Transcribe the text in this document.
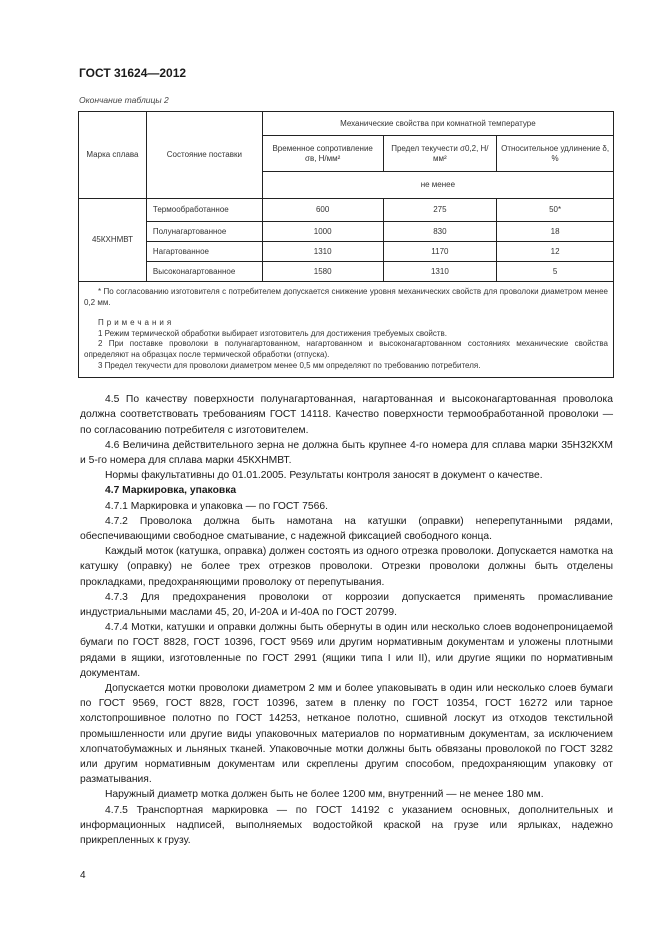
ГОСТ 31624—2012
Окончание таблицы 2
Марка сплава	Состояние поставки	Механические свойства при комнатной температуре		
		Временное сопротивление σв, Н/мм²	Предел текучести σ0,2, Н/мм²	Относительное удлинение δ, %
		не менее		
45КХНМВТ	Термообработанное	600	275	50*
	Полунагартованное	1000	830	18
	Нагартованное	1310	1170	12
	Высоконагартованное	1580	1310	5

* По согласованию изготовителя с потребителем допускается снижение уровня механических свойств для проволоки диаметром менее 0,2 мм.

Примечания

1 Режим термической обработки выбирает изготовитель для достижения требуемых свойств.

2 При поставке проволоки в полунагартованном, нагартованном и высоконагартованном состояниях механические свойства определяют на образцах после термической обработки (отпуска).

3 Предел текучести для проволоки диаметром менее 0,5 мм определяют по требованию потребителя.				

4.5 По качеству поверхности полунагартованная, нагартованная и высоконагартованная проволока должна соответствовать требованиям ГОСТ 14118. Качество поверхности термообработанной проволоки — по согласованию потребителя с изготовителем.

4.6 Величина действительного зерна не должна быть крупнее 4-го номера для сплава марки 35Н32КХМ и 5-го номера для сплава марки 45КХНМВТ.

Нормы факультативны до 01.01.2005. Результаты контроля заносят в документ о качестве.

4.7 Маркировка, упаковка

4.7.1 Маркировка и упаковка — по ГОСТ 7566.

4.7.2 Проволока должна быть намотана на катушки (оправки) неперепутанными рядами, обеспечивающими свободное сматывание, с надежной фиксацией свободного конца.

Каждый моток (катушка, оправка) должен состоять из одного отрезка проволоки. Допускается намотка на катушку (оправку) не более трех отрезков проволоки. Отрезки проволоки должны быть отделены прокладками, предохраняющими проволоку от перепутывания.

4.7.3 Для предохранения проволоки от коррозии допускается применять промасливание индустриальными маслами 45, 20, И-20А и И-40А по ГОСТ 20799.

4.7.4 Мотки, катушки и оправки должны быть обернуты в один или несколько слоев водонепроницаемой бумаги по ГОСТ 8828, ГОСТ 10396, ГОСТ 9569 или другим нормативным документам и уложены плотными рядами в ящики, изготовленные по ГОСТ 2991 (ящики типа I или II), или другие ящики по нормативным документам.

Допускается мотки проволоки диаметром 2 мм и более упаковывать в один или несколько слоев бумаги по ГОСТ 9569, ГОСТ 8828, ГОСТ 10396, затем в пленку по ГОСТ 10354, ГОСТ 16272 или тарное холстопрошивное полотно по ГОСТ 14253, нетканое полотно, сшивной лоскут из отходов текстильной промышленности или другие виды упаковочных материалов по нормативным документам, за исключением хлопчатобумажных и льняных тканей. Упаковочные мотки должны быть обвязаны проволокой по ГОСТ 3282 или другим нормативным документам или скреплены другим способом, предохраняющим упаковку от разматывания.

Наружный диаметр мотка должен быть не более 1200 мм, внутренний — не менее 180 мм.

4.7.5 Транспортная маркировка — по ГОСТ 14192 с указанием основных, дополнительных и информационных надписей, выполняемых водостойкой краской на грузе или ярлыках, надежно прикрепленных к грузу.

4
